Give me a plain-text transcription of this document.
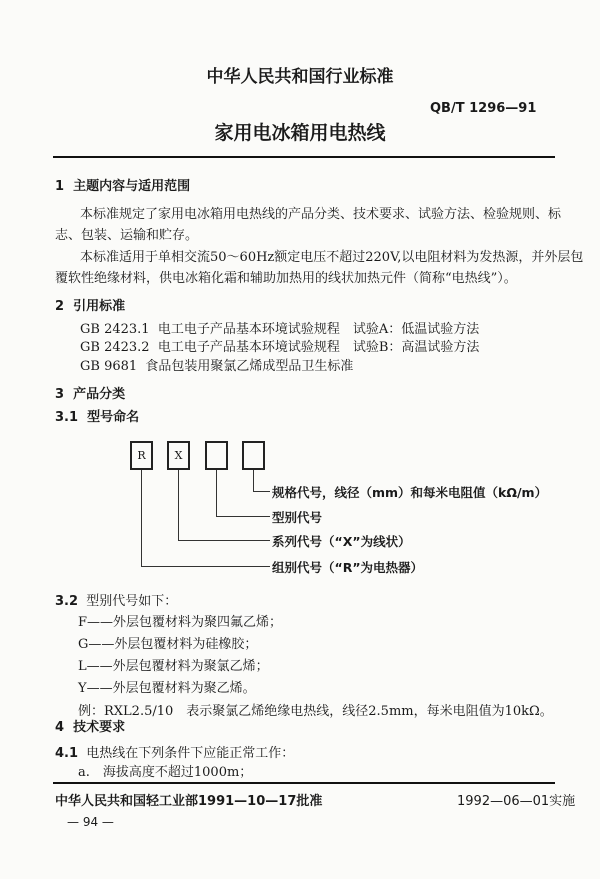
中华人民共和国行业标准
QB/T 1296—91
家用电冰箱用电热线
1 主题内容与适用范围
本标准规定了家用电冰箱用电热线的产品分类、技术要求、试验方法、检验规则、标
志、包装、运输和贮存。
本标准适用于单相交流50～60Hz额定电压不超过220V,以电阻材料为发热源，并外层包
覆软性绝缘材料，供电冰箱化霜和辅助加热用的线状加热元件（简称“电热线”）。
2 引用标准
GB 2423.1 电工电子产品基本环境试验规程　试验A：低温试验方法
GB 2423.2 电工电子产品基本环境试验规程　试验B：高温试验方法
GB 9681 食品包装用聚氯乙烯成型品卫生标准
3 产品分类
3.1 型号命名
R	X
规格代号，线径（mm）和每米电阻值（kΩ/m）
型别代号
系列代号（“X”为线状）
组别代号（“R”为电热器）
3.2 型别代号如下：
F——外层包覆材料为聚四氟乙烯；
G——外层包覆材料为硅橡胶；
L——外层包覆材料为聚氯乙烯；
Y——外层包覆材料为聚乙烯。
例：RXL2.5/10　表示聚氯乙烯绝缘电热线，线径2.5mm，每米电阻值为10kΩ。
4 技术要求
4.1 电热线在下列条件下应能正常工作：
a.　海拔高度不超过1000m；
中华人民共和国轻工业部1991—10—17批准	1992—06—01实施
— 94 —
